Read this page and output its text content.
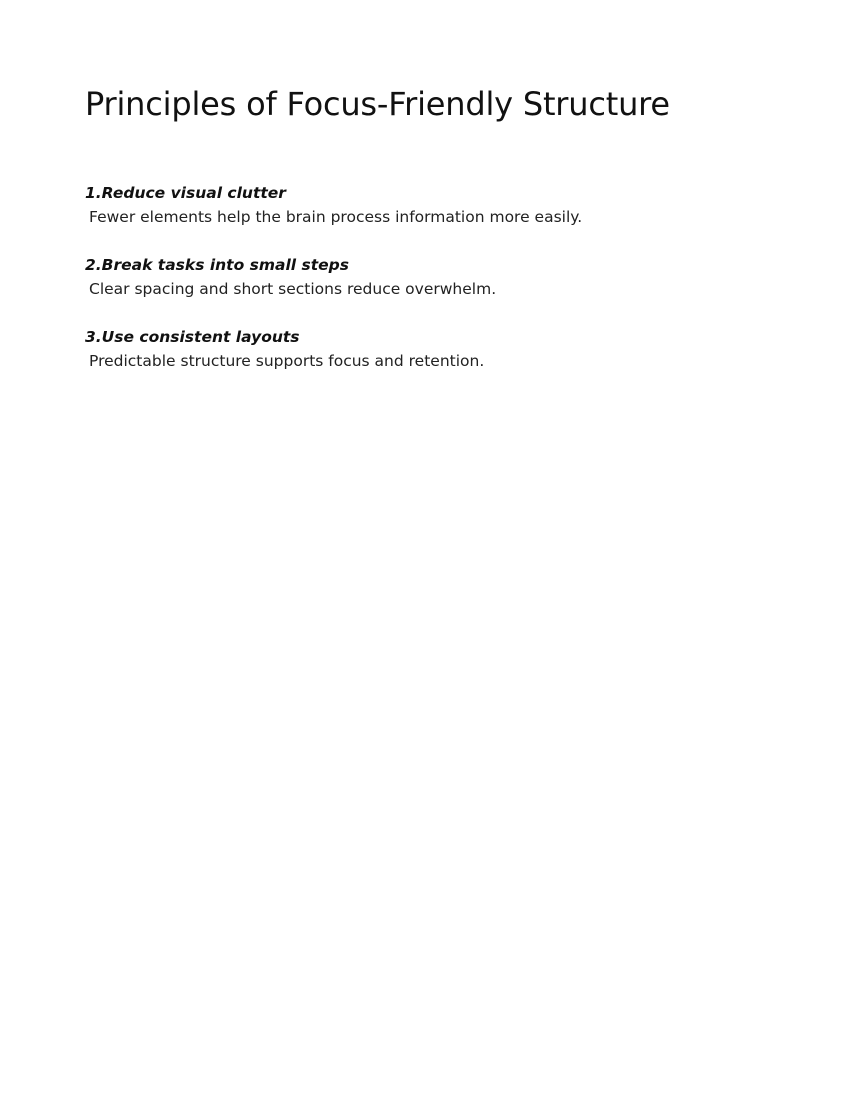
Principles of Focus-Friendly Structure
1.Reduce visual clutter
Fewer elements help the brain process information more easily.
2.Break tasks into small steps
Clear spacing and short sections reduce overwhelm.
3.Use consistent layouts
Predictable structure supports focus and retention.
